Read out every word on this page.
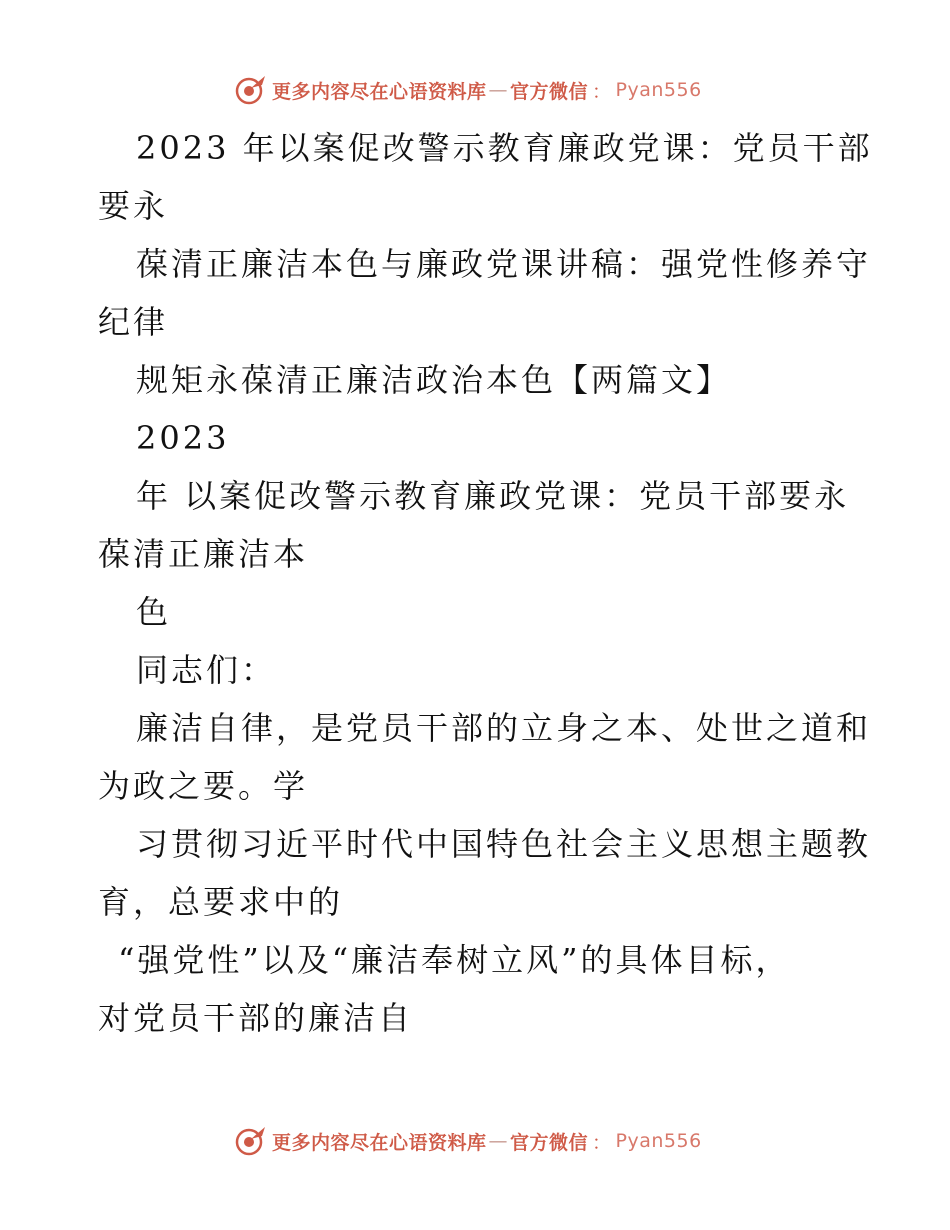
更多内容尽在心语资料库 — 官方微信 ： Pyan556
2023 年以案促改警示教育廉政党课：党员干部
要永
葆清正廉洁本色与廉政党课讲稿：强党性修养守
纪律
规矩永葆清正廉洁政治本色【两篇文】
2023
年 以案促改警示教育廉政党课：党员干部要永
葆清正廉洁本
色
同志们：
廉洁自律，是党员干部的立身之本、处世之道和
为政之要。学
习贯彻习近平时代中国特色社会主义思想主题教
育，总要求中的
“强党性”以及“廉洁奉树立风”的具体目标，
对党员干部的廉洁自
更多内容尽在心语资料库 — 官方微信 ： Pyan556
